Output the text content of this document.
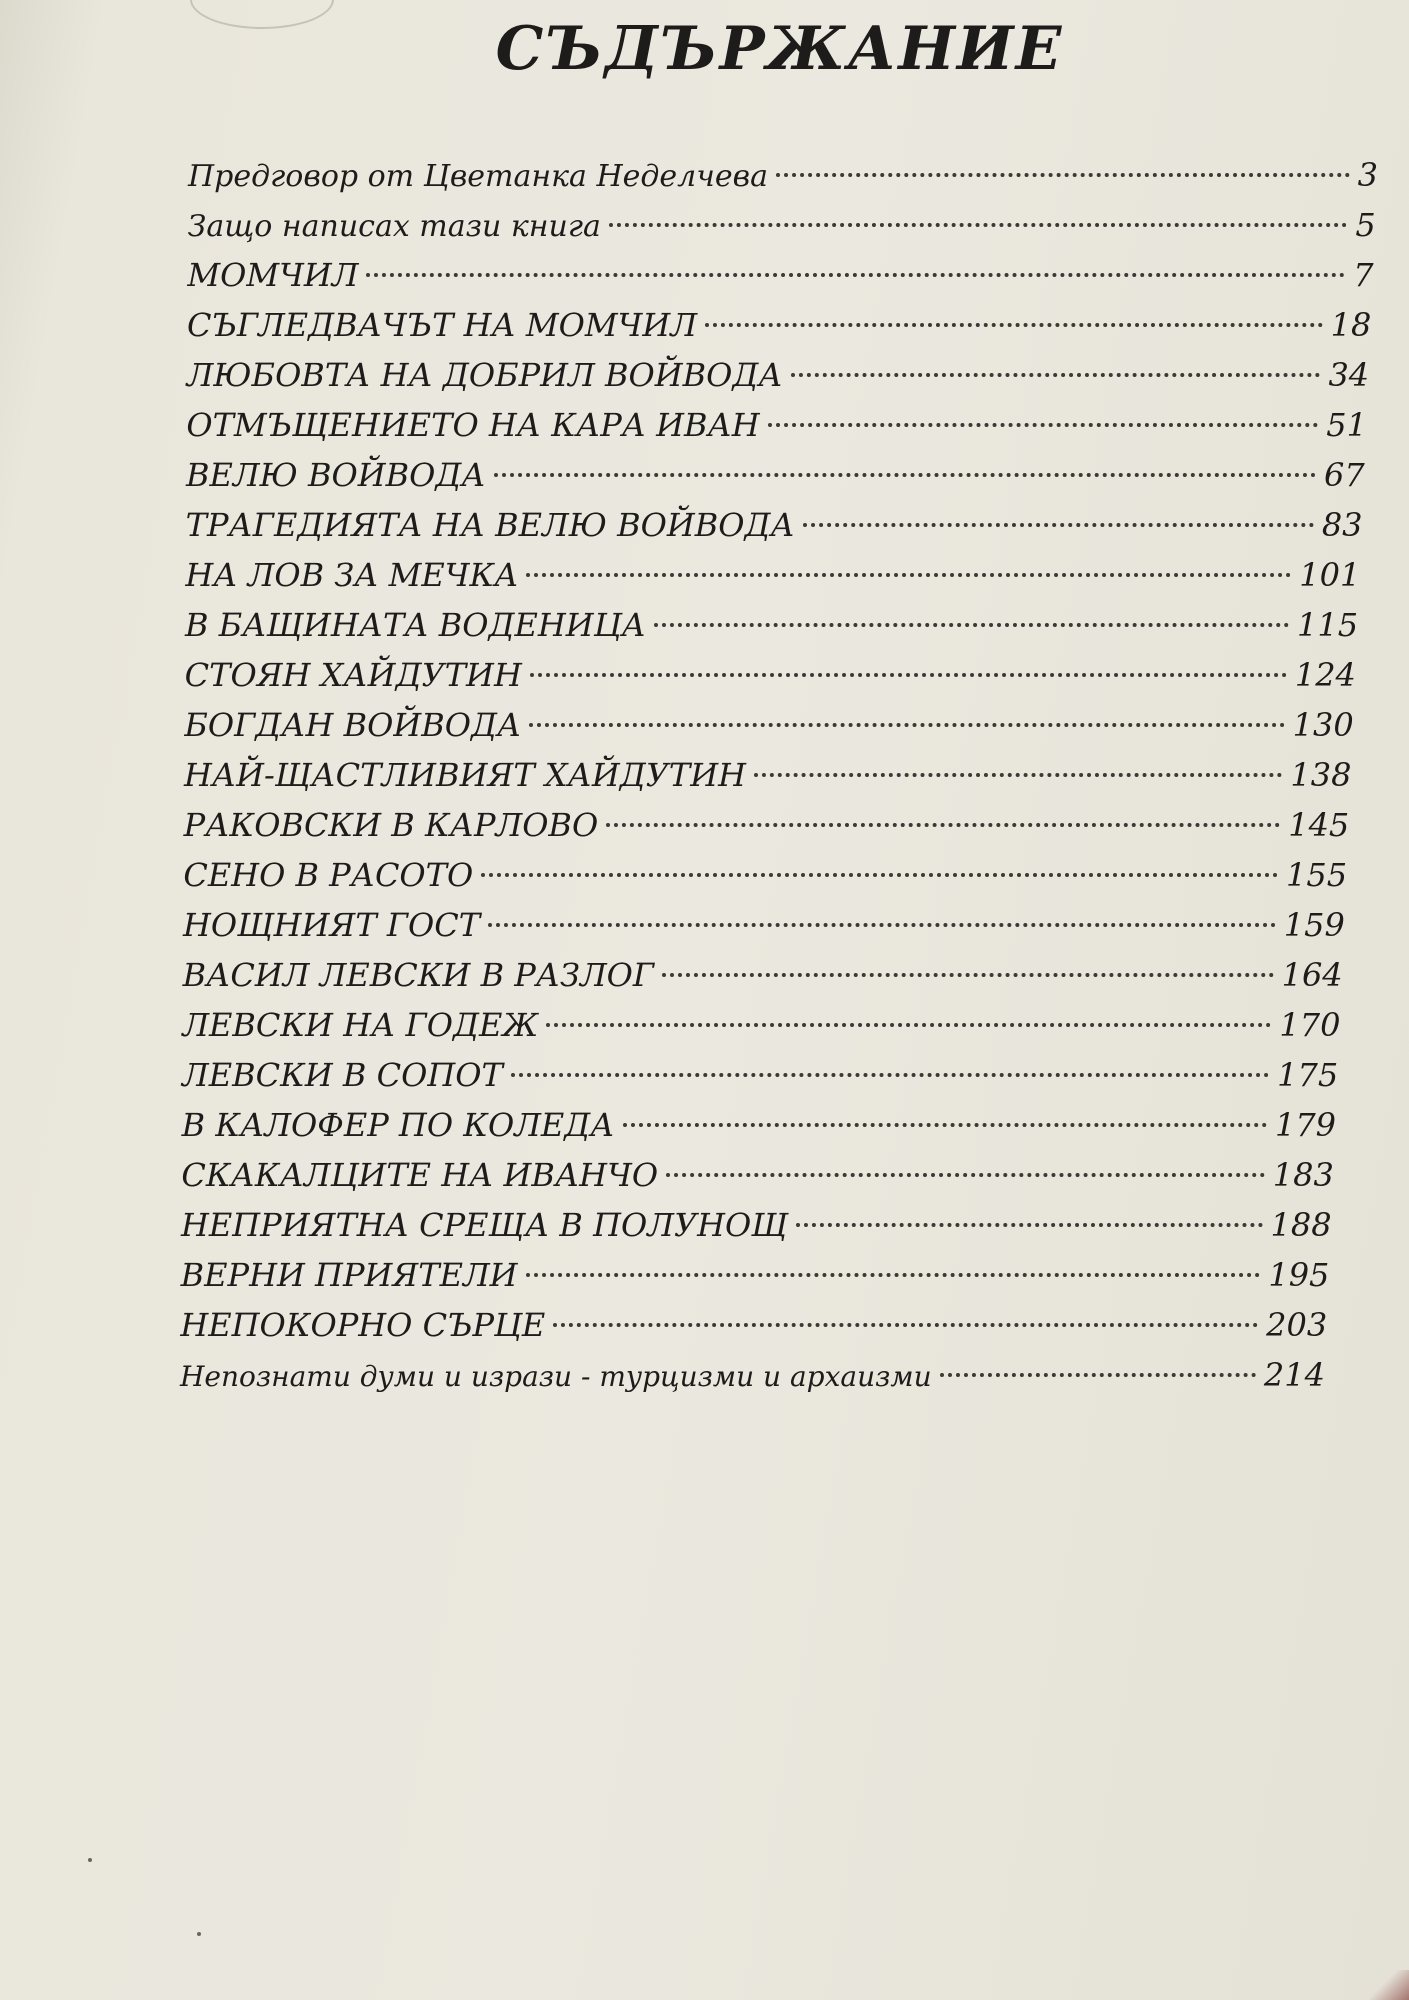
СЪДЪРЖАНИЕ
Предговор от Цветанка Неделчева	3
Защо написах тази книга	5
МОМЧИЛ	7
СЪГЛЕДВАЧЪТ НА МОМЧИЛ	18
ЛЮБОВТА НА ДОБРИЛ ВОЙВОДА	34
ОТМЪЩЕНИЕТО НА КАРА ИВАН	51
ВЕЛЮ ВОЙВОДА	67
ТРАГЕДИЯТА НА ВЕЛЮ ВОЙВОДА	83
НА ЛОВ ЗА МЕЧКА	101
В БАЩИНАТА ВОДЕНИЦА	115
СТОЯН ХАЙДУТИН	124
БОГДАН ВОЙВОДА	130
НАЙ-ЩАСТЛИВИЯТ ХАЙДУТИН	138
РАКОВСКИ В КАРЛОВО	145
СЕНО В РАСОТО	155
НОЩНИЯТ ГОСТ	159
ВАСИЛ ЛЕВСКИ В РАЗЛОГ	164
ЛЕВСКИ НА ГОДЕЖ	170
ЛЕВСКИ В СОПОТ	175
В КАЛОФЕР ПО КОЛЕДА	179
СКАКАЛЦИТЕ НА ИВАНЧО	183
НЕПРИЯТНА СРЕЩА В ПОЛУНОЩ	188
ВЕРНИ ПРИЯТЕЛИ	195
НЕПОКОРНО СЪРЦЕ	203
Непознати думи и изрази - турцизми и архаизми	214
